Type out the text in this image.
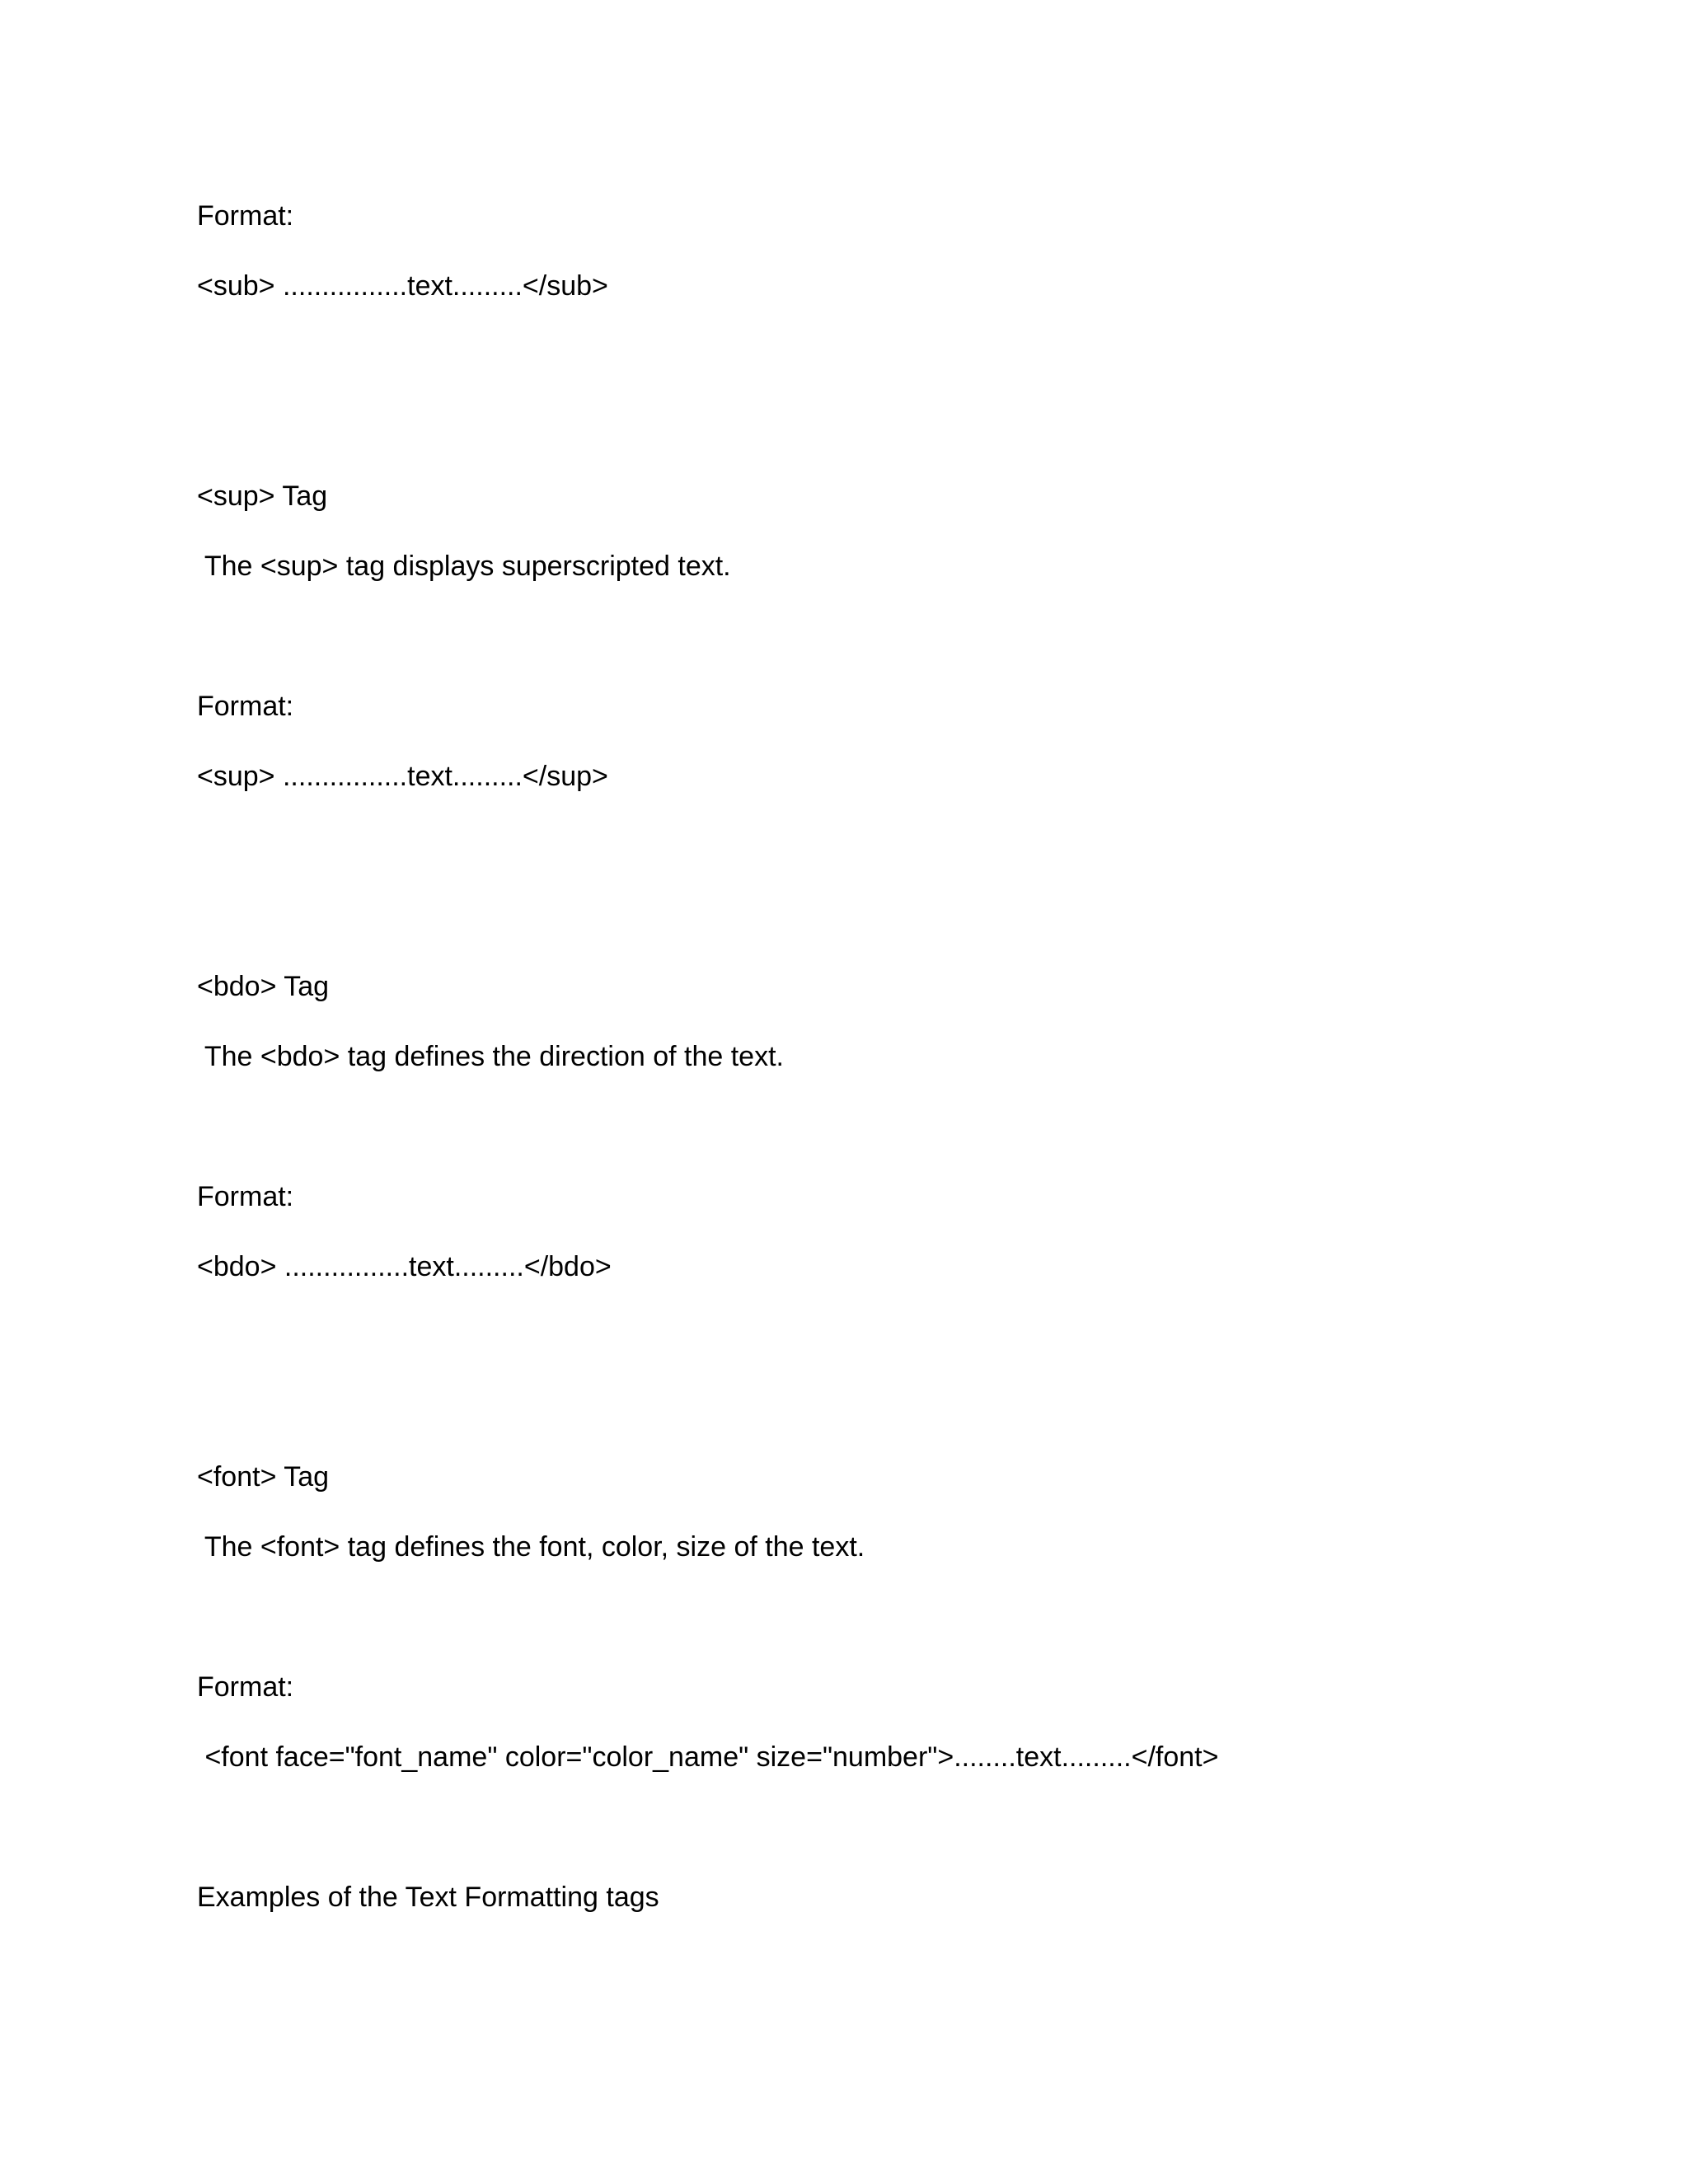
Format:

<sub> ................text.........</sub>

<sup> Tag

The <sup> tag displays superscripted text.

Format:

<sup> ................text.........</sup>

<bdo> Tag

The <bdo> tag defines the direction of the text.

Format:

<bdo> ................text.........</bdo>

<font> Tag

The <font> tag defines the font, color, size of the text.

Format:

<font face="font_name" color="color_name" size="number">........text.........</font>

Examples of the Text Formatting tags
